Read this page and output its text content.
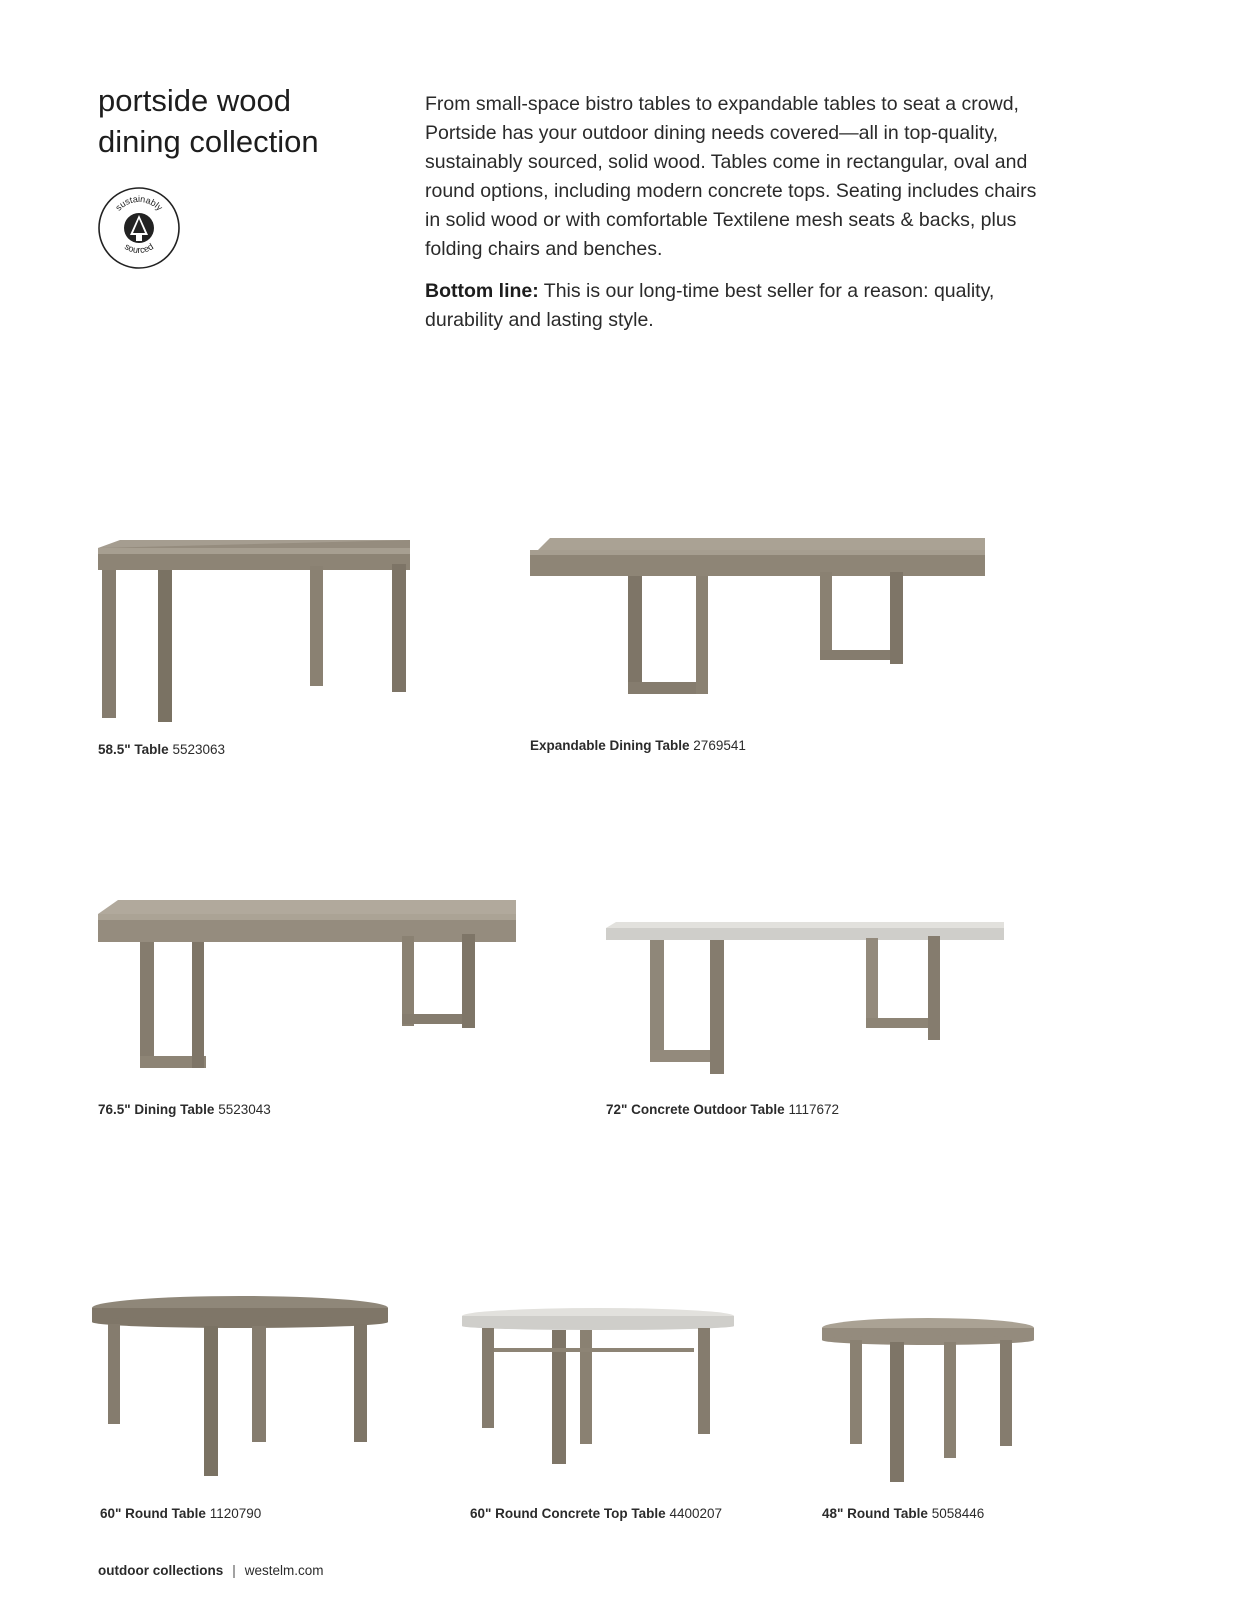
portside wood
dining collection
sustainably
sourced

From small-space bistro tables to expandable tables to seat a crowd, Portside has your outdoor dining needs covered—all in top-quality, sustainably sourced, solid wood. Tables come in rectangular, oval and round options, including modern concrete tops. Seating includes chairs in solid wood or with comfortable Textilene mesh seats & backs, plus folding chairs and benches.

Bottom line: This is our long-time best seller for a reason: quality, durability and lasting style.

58.5" Table 5523063	Expandable Dining Table 2769541
76.5" Dining Table 5523043	72" Concrete Outdoor Table 1117672
60" Round Table 1120790	60" Round Concrete Top Table 4400207	48" Round Table 5058446
outdoor collections | westelm.com
